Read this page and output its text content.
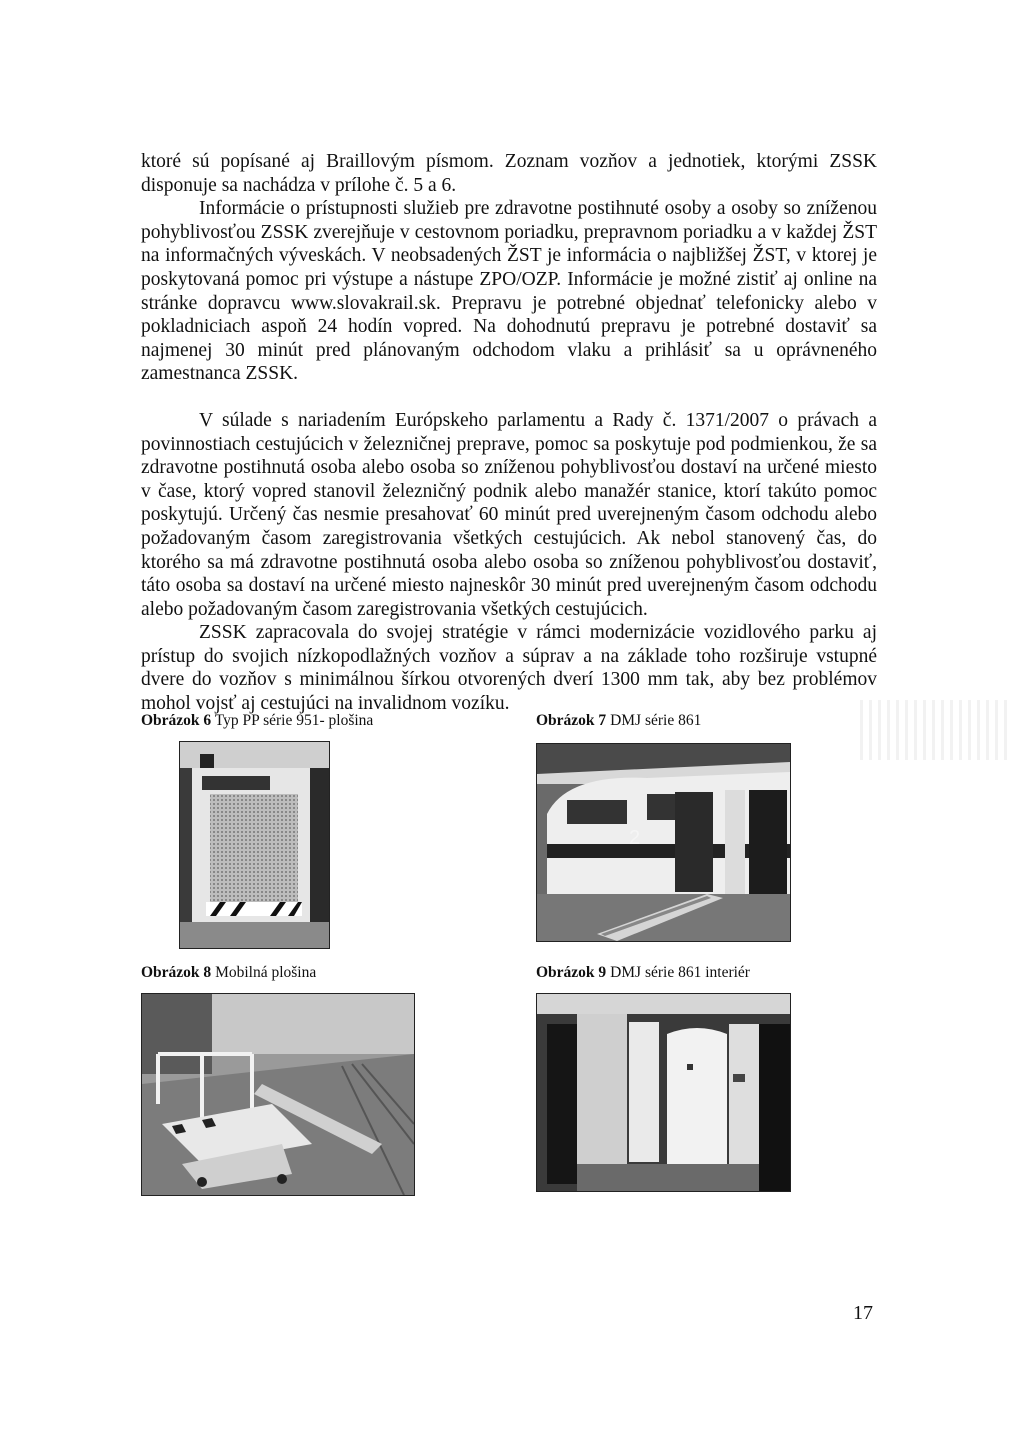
ktoré sú popísané aj Braillovým písmom. Zoznam vozňov a jednotiek, ktorými ZSSK disponuje sa nachádza v prílohe č. 5 a 6.

Informácie o prístupnosti služieb pre zdravotne postihnuté osoby a osoby so zníženou pohyblivosťou ZSSK zverejňuje v cestovnom poriadku, prepravnom poriadku a v každej ŽST na informačných vývеskách. V neobsadených ŽST je informácia o najbližšej ŽST, v ktorej je poskytovaná pomoc pri výstupe a nástupe ZPO/OZP. Informácie je možné zistiť aj online na stránke dopravcu www.slovakrail.sk. Prepravu je potrebné objednať telefonicky alebo v pokladniciach aspoň 24 hodín vopred. Na dohodnutú prepravu je potrebné dostaviť sa najmenej 30 minút pred plánovaným odchodom vlaku a prihlásiť sa u oprávneného zamestnanca ZSSK.

V súlade s nariadením Európskeho parlamentu a Rady č. 1371/2007 o právach a povinnostiach cestujúcich v železničnej preprave, pomoc sa poskytuje pod podmienkou, že sa zdravotne postihnutá osoba alebo osoba so zníženou pohyblivosťou dostaví na určené miesto v čase, ktorý vopred stanovil železničný podnik alebo manažér stanice, ktorí takúto pomoc poskytujú. Určený čas nesmie presahovať 60 minút pred uverejneným časom odchodu alebo požadovaným časom zaregistrovania všetkých cestujúcich. Ak nebol stanovený čas, do ktorého sa má zdravotne postihnutá osoba alebo osoba so zníženou pohyblivosťou dostaviť, táto osoba sa dostaví na určené miesto najneskôr 30 minút pred uverejneným časom odchodu alebo požadovaným časom zaregistrovania všetkých cestujúcich.

ZSSK zapracovala do svojej stratégie v rámci modernizácie vozidlového parku aj prístup do svojich nízkopodlažných vozňov a súprav a na základe toho rozširuje vstupné dvere do vozňov s minimálnou šírkou otvorených dverí 1300 mm tak, aby bez problémov mohol vojsť aj cestujúci na invalidnom vozíku.

Obrázok 6 Typ PP série 951- plošina	Obrázok 7 DMJ série 861
2
Obrázok 8 Mobilná plošina	Obrázok 9 DMJ série 861 interiér
17
